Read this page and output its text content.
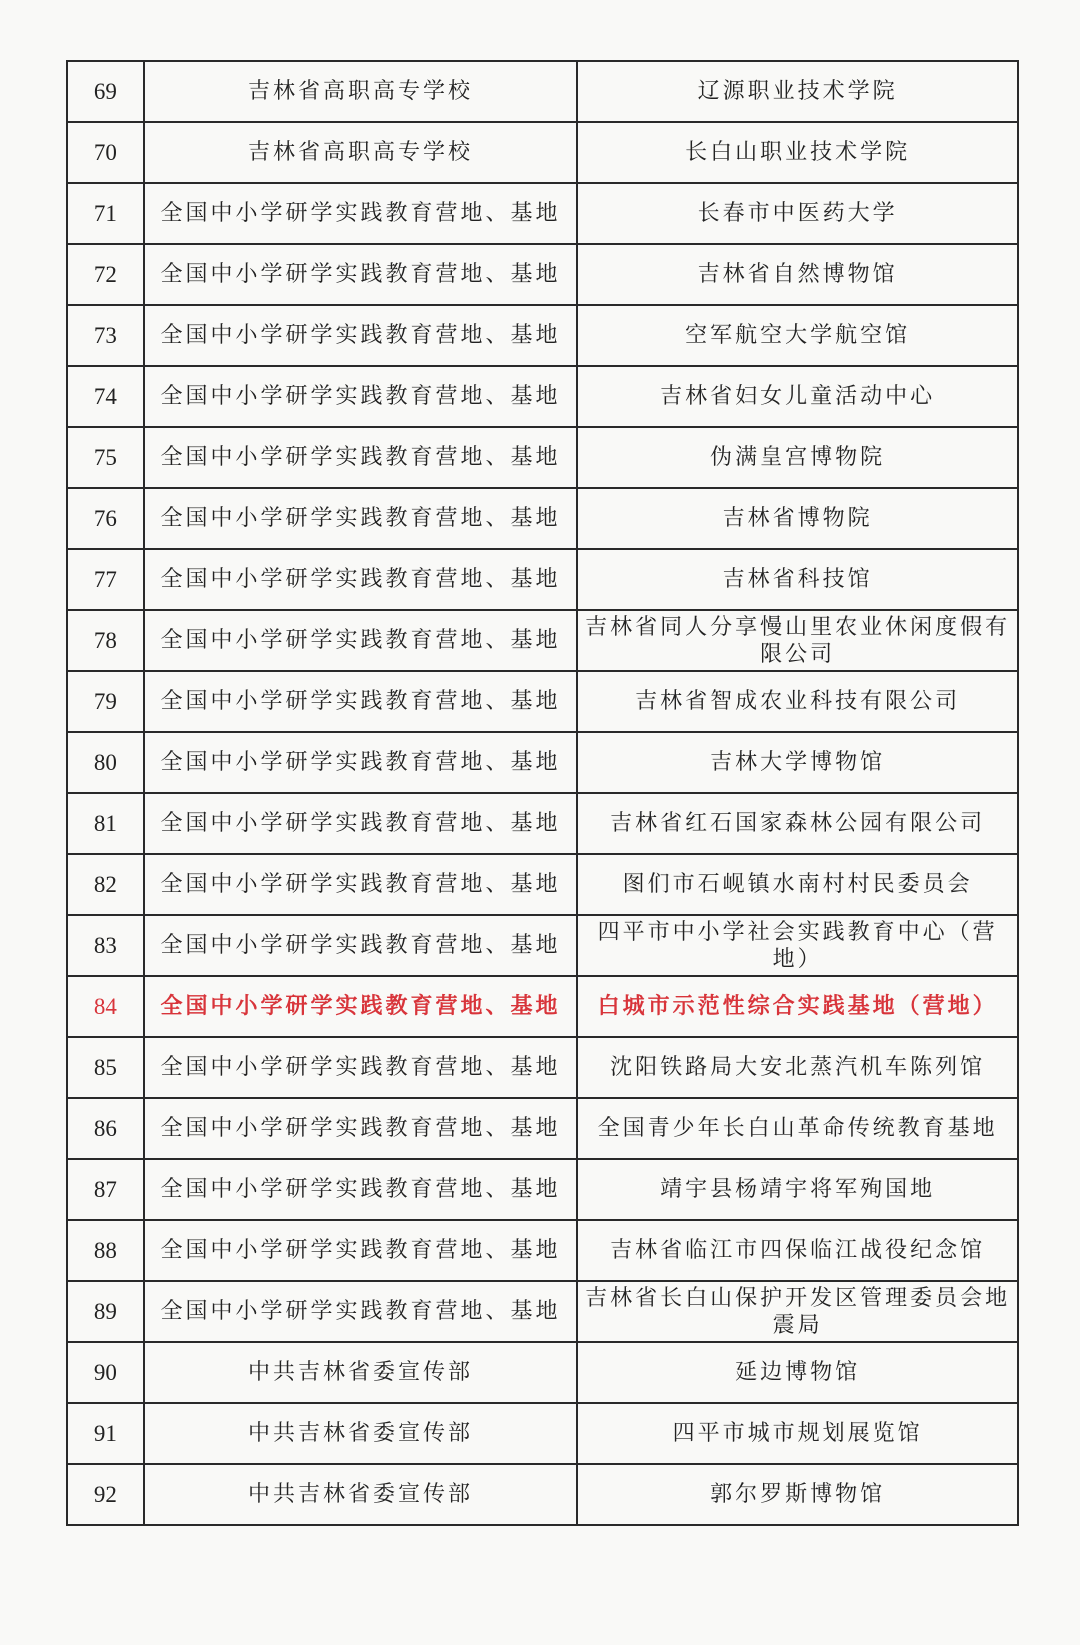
69	吉林省高职高专学校	辽源职业技术学院
70	吉林省高职高专学校	长白山职业技术学院
71	全国中小学研学实践教育营地、基地	长春市中医药大学
72	全国中小学研学实践教育营地、基地	吉林省自然博物馆
73	全国中小学研学实践教育营地、基地	空军航空大学航空馆
74	全国中小学研学实践教育营地、基地	吉林省妇女儿童活动中心
75	全国中小学研学实践教育营地、基地	伪满皇宫博物院
76	全国中小学研学实践教育营地、基地	吉林省博物院
77	全国中小学研学实践教育营地、基地	吉林省科技馆
78	全国中小学研学实践教育营地、基地	吉林省同人分享慢山里农业休闲度假有限公司
79	全国中小学研学实践教育营地、基地	吉林省智成农业科技有限公司
80	全国中小学研学实践教育营地、基地	吉林大学博物馆
81	全国中小学研学实践教育营地、基地	吉林省红石国家森林公园有限公司
82	全国中小学研学实践教育营地、基地	图们市石岘镇水南村村民委员会
83	全国中小学研学实践教育营地、基地	四平市中小学社会实践教育中心（营地）
84	全国中小学研学实践教育营地、基地	白城市示范性综合实践基地（营地）
85	全国中小学研学实践教育营地、基地	沈阳铁路局大安北蒸汽机车陈列馆
86	全国中小学研学实践教育营地、基地	全国青少年长白山革命传统教育基地
87	全国中小学研学实践教育营地、基地	靖宇县杨靖宇将军殉国地
88	全国中小学研学实践教育营地、基地	吉林省临江市四保临江战役纪念馆
89	全国中小学研学实践教育营地、基地	吉林省长白山保护开发区管理委员会地震局
90	中共吉林省委宣传部	延边博物馆
91	中共吉林省委宣传部	四平市城市规划展览馆
92	中共吉林省委宣传部	郭尔罗斯博物馆
